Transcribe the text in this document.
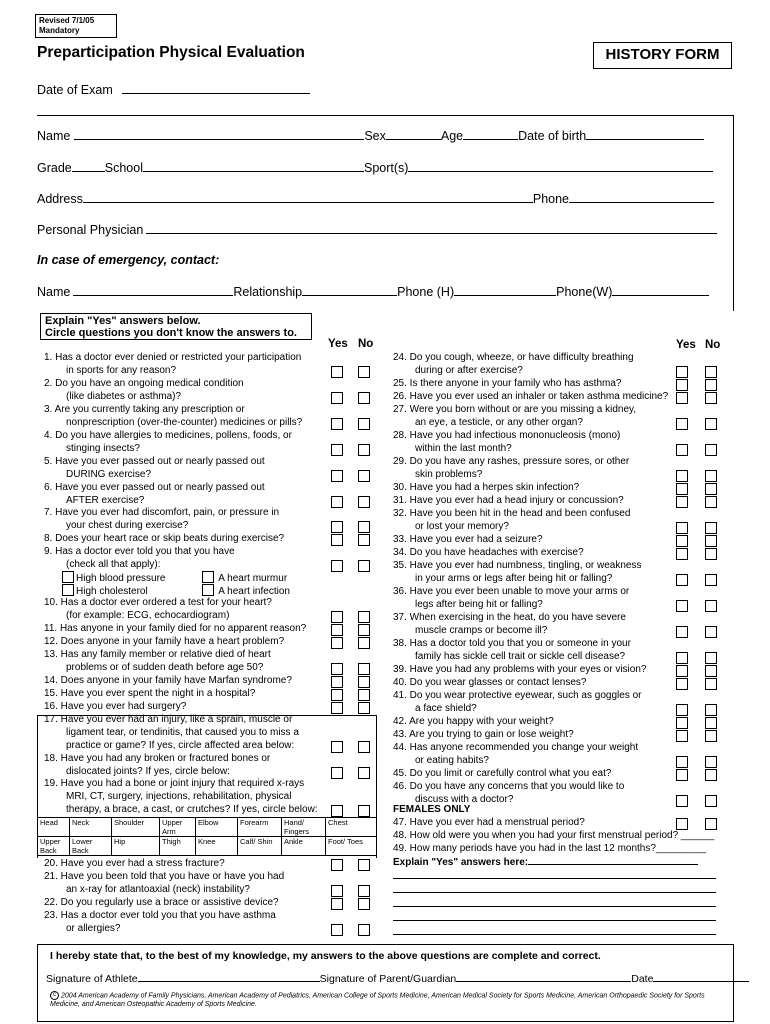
Revised 7/1/05
Mandatory
Preparticipation Physical Evaluation	HISTORY FORM
Date of Exam
Name	Sex	Age	Date of birth
Grade	School	Sport(s)
Address	Phone
Personal Physician
In case of emergency, contact:
Name	Relationship	Phone (H)	Phone(W)
Explain "Yes" answers below.
Circle questions you don't know the answers to.
Yes No	Yes No
1. Has a doctor ever denied or restricted your participation
in sports for any reason?
2. Do you have an ongoing medical condition
(like diabetes or asthma)?
3. Are you currently taking any prescription or
nonprescription (over-the-counter) medicines or pills?
4. Do you have allergies to medicines, pollens, foods, or
stinging insects?
5. Have you ever passed out or nearly passed out
DURING exercise?
6. Have you ever passed out or nearly passed out
AFTER exercise?
7. Have you ever had discomfort, pain, or pressure in
your chest during exercise?
8. Does your heart race or skip beats during exercise?
9. Has a doctor ever told you that you have
(check all that apply):
10. Has a doctor ever ordered a test for your heart?
(for example: ECG, echocardiogram)
11. Has anyone in your family died for no apparent reason?
12. Does anyone in your family have a heart problem?
13. Has any family member or relative died of heart
problems or of sudden death before age 50?
14. Does anyone in your family have Marfan syndrome?
15. Have you ever spent the night in a hospital?
16. Have you ever had surgery?
17. Have you ever had an injury, like a sprain, muscle or
ligament tear, or tendinitis, that caused you to miss a
practice or game? If yes, circle affected area below:
18. Have you had any broken or fractured bones or
dislocated joints? If yes, circle below:
19. Have you had a bone or joint injury that required x-rays
MRI, CT, surgery, injections, rehabilitation, physical
therapy, a brace, a cast, or crutches? If yes, circle below:
20. Have you ever had a stress fracture?
21. Have you been told that you have or have you had
an x-ray for atlantoaxial (neck) instability?
22. Do you regularly use a brace or assistive device?
23. Has a doctor ever told you that you have asthma
or allergies?
High blood pressure	A heart murmur
High cholesterol	A heart infection
Head	Neck	Shoulder	Upper Arm	Elbow	Forearm	Hand/ Fingers	Chest
Upper Back	Lower Back	Hip	Thigh	Knee	Calf/ Shin	Ankle	Foot/ Toes
24. Do you cough, wheeze, or have difficulty breathing
during or after exercise?
25. Is there anyone in your family who has asthma?
26. Have you ever used an inhaler or taken asthma medicine?
27. Were you born without or are you missing a kidney,
an eye, a testicle, or any other organ?
28. Have you had infectious mononucleosis (mono)
within the last month?
29. Do you have any rashes, pressure sores, or other
skin problems?
30. Have you had a herpes skin infection?
31. Have you ever had a head injury or concussion?
32. Have you been hit in the head and been confused
or lost your memory?
33. Have you ever had a seizure?
34. Do you have headaches with exercise?
35. Have you ever had numbness, tingling, or weakness
in your arms or legs after being hit or falling?
36. Have you ever been unable to move your arms or
legs after being hit or falling?
37. When exercising in the heat, do you have severe
muscle cramps or become ill?
38. Has a doctor told you that you or someone in your
family has sickle cell trait or sickle cell disease?
39. Have you had any problems with your eyes or vision?
40. Do you wear glasses or contact lenses?
41. Do you wear protective eyewear, such as goggles or
a face shield?
42. Are you happy with your weight?
43. Are you trying to gain or lose weight?
44. Has anyone recommended you change your weight
or eating habits?
45. Do you limit or carefully control what you eat?
46. Do you have any concerns that you would like to
discuss with a doctor?
FEMALES ONLY
47. Have you ever had a menstrual period?
48. How old were you when you had your first menstrual period? ______
49. How many periods have you had in the last 12 months?_________
Explain "Yes" answers here:
I hereby state that, to the best of my knowledge, my answers to the above questions are complete and correct.
Signature of Athlete	Signature of Parent/Guardian	Date
c 2004 American Academy of Family Physicians, American Academy of Pediatrics, American College of Sports Medicine, American Medical Society for Sports Medicine, American Orthopaedic Society for Sports Medicine, and American Osteopathic Academy of Sports Medicine.
